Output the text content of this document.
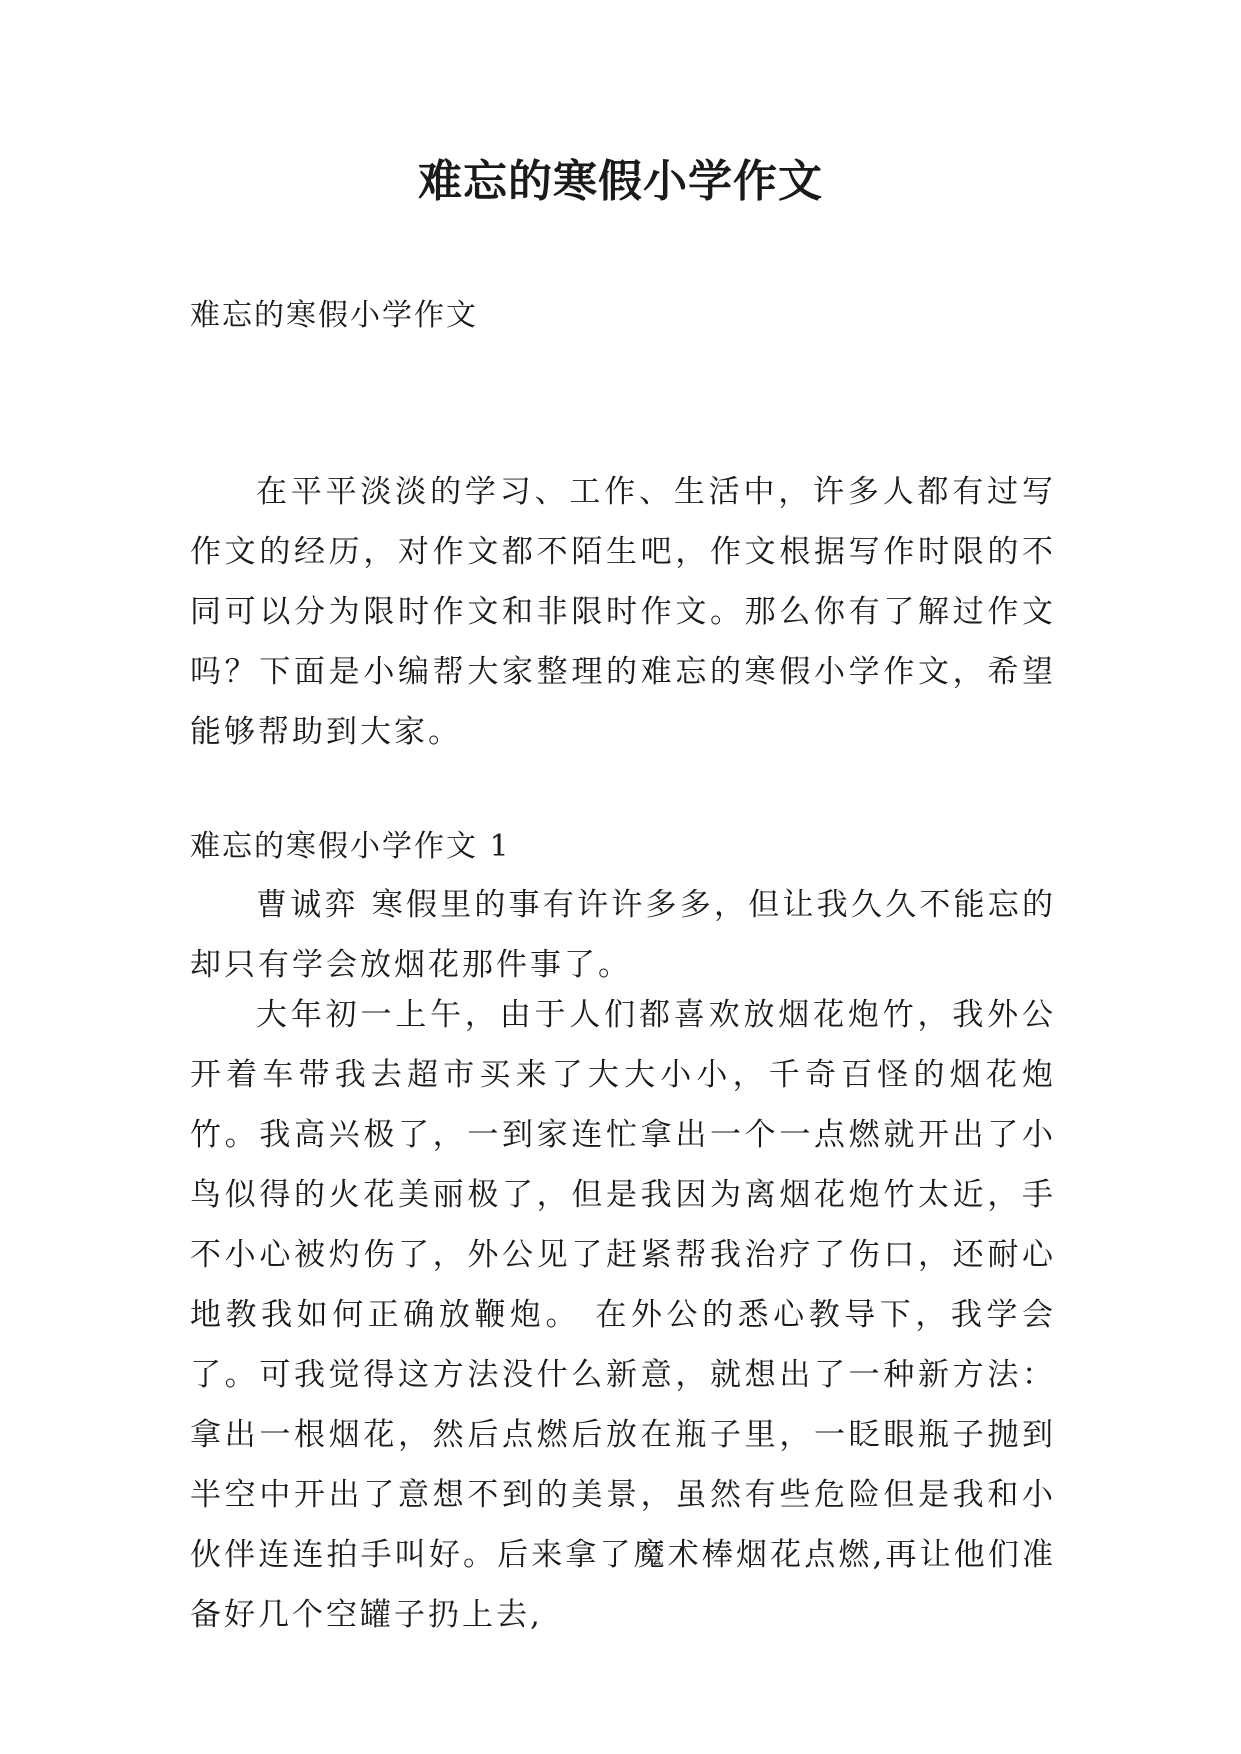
难忘的寒假小学作文
难忘的寒假小学作文

在平平淡淡的学习、工作、生活中，许多人都有过写作文的经历，对作文都不陌生吧，作文根据写作时限的不同可以分为限时作文和非限时作文。那么你有了解过作文吗？下面是小编帮大家整理的难忘的寒假小学作文，希望能够帮助到大家。

难忘的寒假小学作文 1

曹诚弈 寒假里的事有许许多多，但让我久久不能忘的却只有学会放烟花那件事了。

大年初一上午，由于人们都喜欢放烟花炮竹，我外公开着车带我去超市买来了大大小小，千奇百怪的烟花炮竹。我高兴极了，一到家连忙拿出一个一点燃就开出了小鸟似得的火花美丽极了，但是我因为离烟花炮竹太近，手不小心被灼伤了，外公见了赶紧帮我治疗了伤口，还耐心地教我如何正确放鞭炮。 在外公的悉心教导下，我学会了。可我觉得这方法没什么新意，就想出了一种新方法：拿出一根烟花，然后点燃后放在瓶子里，一眨眼瓶子抛到半空中开出了意想不到的美景，虽然有些危险但是我和小伙伴连连拍手叫好。后来拿了魔术棒烟花点燃,再让他们准备好几个空罐子扔上去,
